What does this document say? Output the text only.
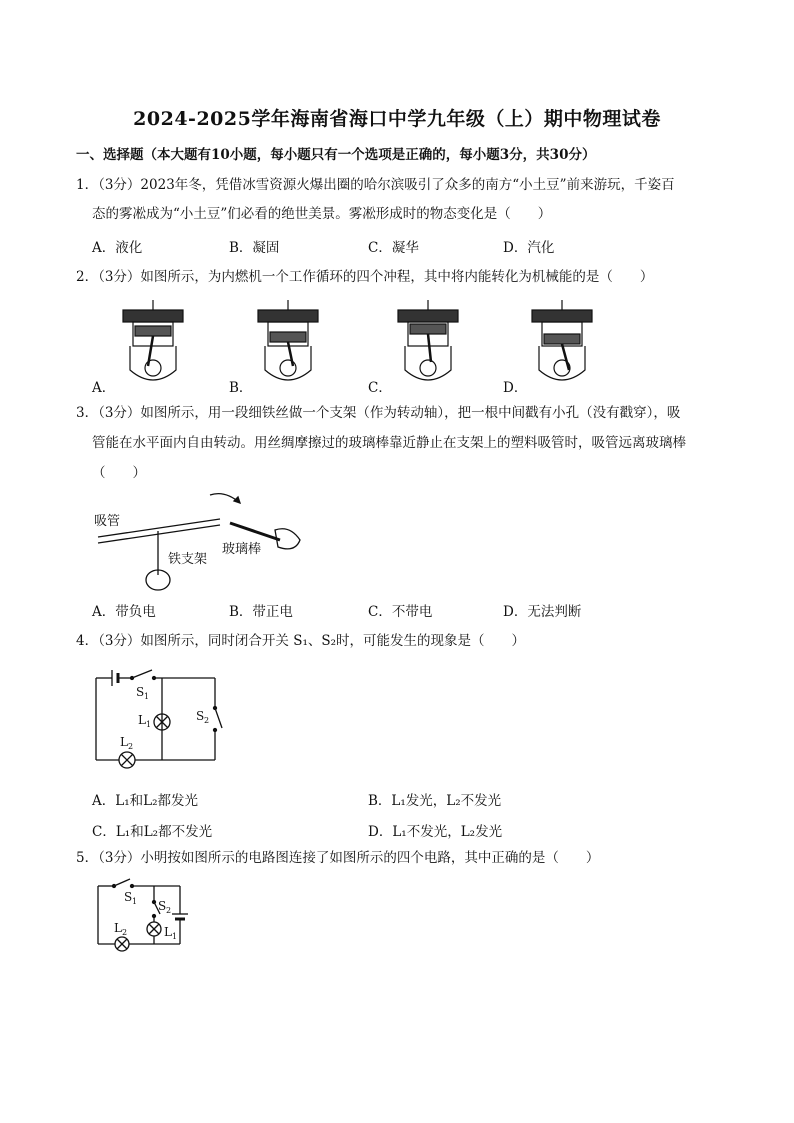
2024-2025学年海南省海口中学九年级（上）期中物理试卷
一、选择题（本大题有10小题，每小题只有一个选项是正确的，每小题3分，共30分）
1．（3分）2023年冬，凭借冰雪资源火爆出圈的哈尔滨吸引了众多的南方“小土豆”前来游玩，千姿百
态的雾凇成为“小土豆”们必看的绝世美景。雾凇形成时的物态变化是（　　）
A．液化	B．凝固	C．凝华	D．汽化
2．（3分）如图所示，为内燃机一个工作循环的四个冲程，其中将内能转化为机械能的是（　　）
A．	B．	C．	D．
3．（3分）如图所示，用一段细铁丝做一个支架（作为转动轴），把一根中间戳有小孔（没有戳穿），吸
管能在水平面内自由转动。用丝绸摩擦过的玻璃棒靠近静止在支架上的塑料吸管时，吸管远离玻璃棒
（　　）
吸管
铁支架
玻璃棒
A．带负电	B．带正电	C．不带电	D．无法判断
4．（3分）如图所示，同时闭合开关 S₁、S₂时，可能发生的现象是（　　）
S 1
S 2
L 1
L 2
A．L₁和L₂都发光	B．L₁发光，L₂不发光
C．L₁和L₂都不发光	D．L₁不发光，L₂发光
5．（3分）小明按如图所示的电路图连接了如图所示的四个电路，其中正确的是（　　）
S 1 S 2
L 1
L 2
